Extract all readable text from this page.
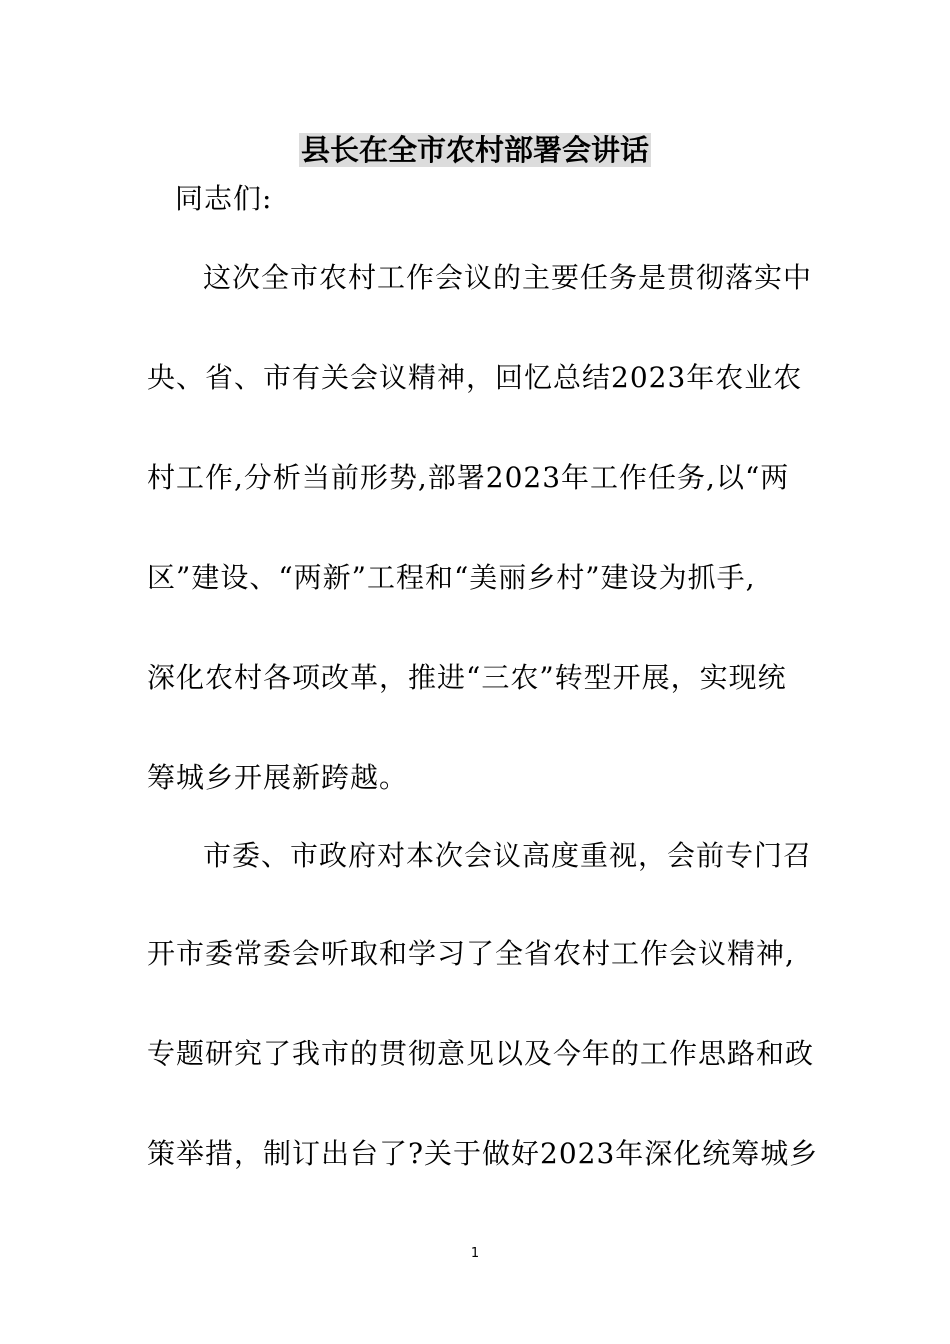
县长在全市农村部署会讲话
同志们:
这次全市农村工作会议的主要任务是贯彻落实中
央、省、市有关会议精神，回忆总结2023年农业农
村工作,分析当前形势,部署2023年工作任务,以“两
区”建设、“两新”工程和“美丽乡村”建设为抓手,
深化农村各项改革，推进“三农”转型开展，实现统
筹城乡开展新跨越。
市委、市政府对本次会议高度重视，会前专门召
开市委常委会听取和学习了全省农村工作会议精神,
专题研究了我市的贯彻意见以及今年的工作思路和政
策举措，制订出台了?关于做好2023年深化统筹城乡
1
